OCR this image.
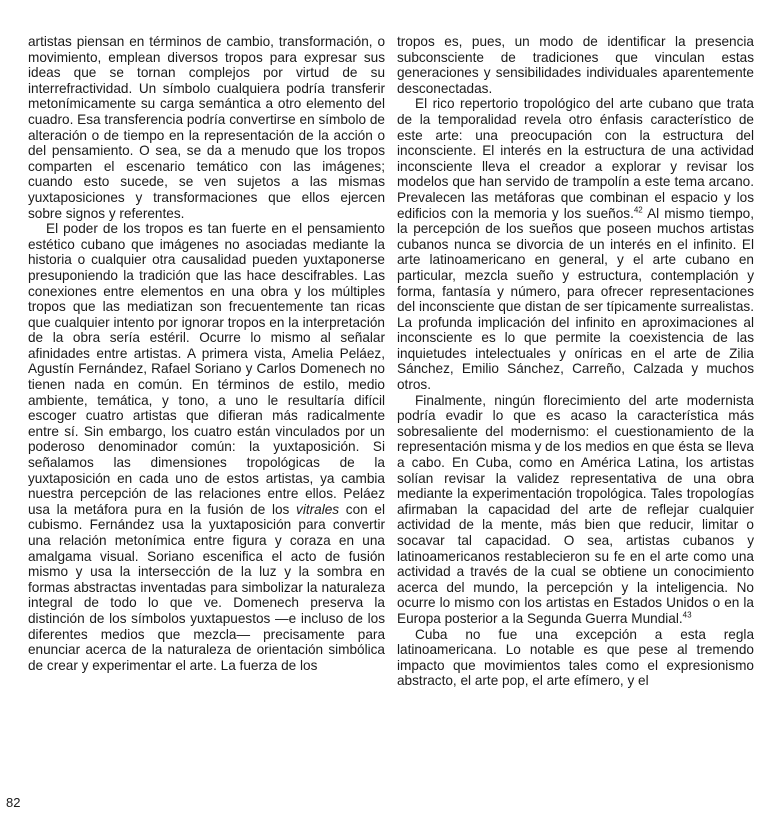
artistas piensan en términos de cambio, transformación, o movimiento, emplean diversos tropos para expresar sus ideas que se tornan complejos por virtud de su interrefractividad. Un símbolo cualquiera podría transferir metonímicamente su carga semántica a otro elemento del cuadro. Esa transferencia podría convertirse en símbolo de alteración o de tiempo en la representación de la acción o del pensamiento. O sea, se da a menudo que los tropos comparten el escenario temático con las imágenes; cuando esto sucede, se ven sujetos a las mismas yuxtaposiciones y transformaciones que ellos ejercen sobre signos y referentes.

El poder de los tropos es tan fuerte en el pensamiento estético cubano que imágenes no asociadas mediante la historia o cualquier otra causalidad pueden yuxtaponerse presuponiendo la tradición que las hace descifrables. Las conexiones entre elementos en una obra y los múltiples tropos que las mediatizan son frecuentemente tan ricas que cualquier intento por ignorar tropos en la interpretación de la obra sería estéril. Ocurre lo mismo al señalar afinidades entre artistas. A primera vista, Amelia Peláez, Agustín Fernández, Rafael Soriano y Carlos Domenech no tienen nada en común. En términos de estilo, medio ambiente, temática, y tono, a uno le resultaría difícil escoger cuatro artistas que difieran más radicalmente entre sí. Sin embargo, los cuatro están vinculados por un poderoso denominador común: la yuxtaposición. Si señalamos las dimensiones tropológicas de la yuxtaposición en cada uno de estos artistas, ya cambia nuestra percepción de las relaciones entre ellos. Peláez usa la metáfora pura en la fusión de los vitrales con el cubismo. Fernández usa la yuxtaposición para convertir una relación metonímica entre figura y coraza en una amalgama visual. Soriano escenifica el acto de fusión mismo y usa la intersección de la luz y la sombra en formas abstractas inventadas para simbolizar la naturaleza integral de todo lo que ve. Domenech preserva la distinción de los símbolos yuxtapuestos —e incluso de los diferentes medios que mezcla— precisamente para enunciar acerca de la naturaleza de orientación simbólica de crear y experimentar el arte. La fuerza de los

tropos es, pues, un modo de identificar la presencia subconsciente de tradiciones que vinculan estas generaciones y sensibilidades individuales aparentemente desconectadas.

El rico repertorio tropológico del arte cubano que trata de la temporalidad revela otro énfasis característico de este arte: una preocupación con la estructura del inconsciente. El interés en la estructura de una actividad inconsciente lleva el creador a explorar y revisar los modelos que han servido de trampolín a este tema arcano. Prevalecen las metáforas que combinan el espacio y los edificios con la memoria y los sueños.$^{42}$ Al mismo tiempo, la percepción de los sueños que poseen muchos artistas cubanos nunca se divorcia de un interés en el infinito. El arte latinoamericano en general, y el arte cubano en particular, mezcla sueño y estructura, contemplación y forma, fantasía y número, para ofrecer representaciones del inconsciente que distan de ser típicamente surrealistas. La profunda implicación del infinito en aproximaciones al inconsciente es lo que permite la coexistencia de las inquietudes intelectuales y oníricas en el arte de Zilia Sánchez, Emilio Sánchez, Carreño, Calzada y muchos otros.

Finalmente, ningún florecimiento del arte modernista podría evadir lo que es acaso la característica más sobresaliente del modernismo: el cuestionamiento de la representación misma y de los medios en que ésta se lleva a cabo. En Cuba, como en América Latina, los artistas solían revisar la validez representativa de una obra mediante la experimentación tropológica. Tales tropologías afirmaban la capacidad del arte de reflejar cualquier actividad de la mente, más bien que reducir, limitar o socavar tal capacidad. O sea, artistas cubanos y latinoamericanos restablecieron su fe en el arte como una actividad a través de la cual se obtiene un conocimiento acerca del mundo, la percepción y la inteligencia. No ocurre lo mismo con los artistas en Estados Unidos o en la Europa posterior a la Segunda Guerra Mundial.$^{43}$

Cuba no fue una excepción a esta regla latinoamericana. Lo notable es que pese al tremendo impacto que movimientos tales como el expresionismo abstracto, el arte pop, el arte efímero, y el

82
